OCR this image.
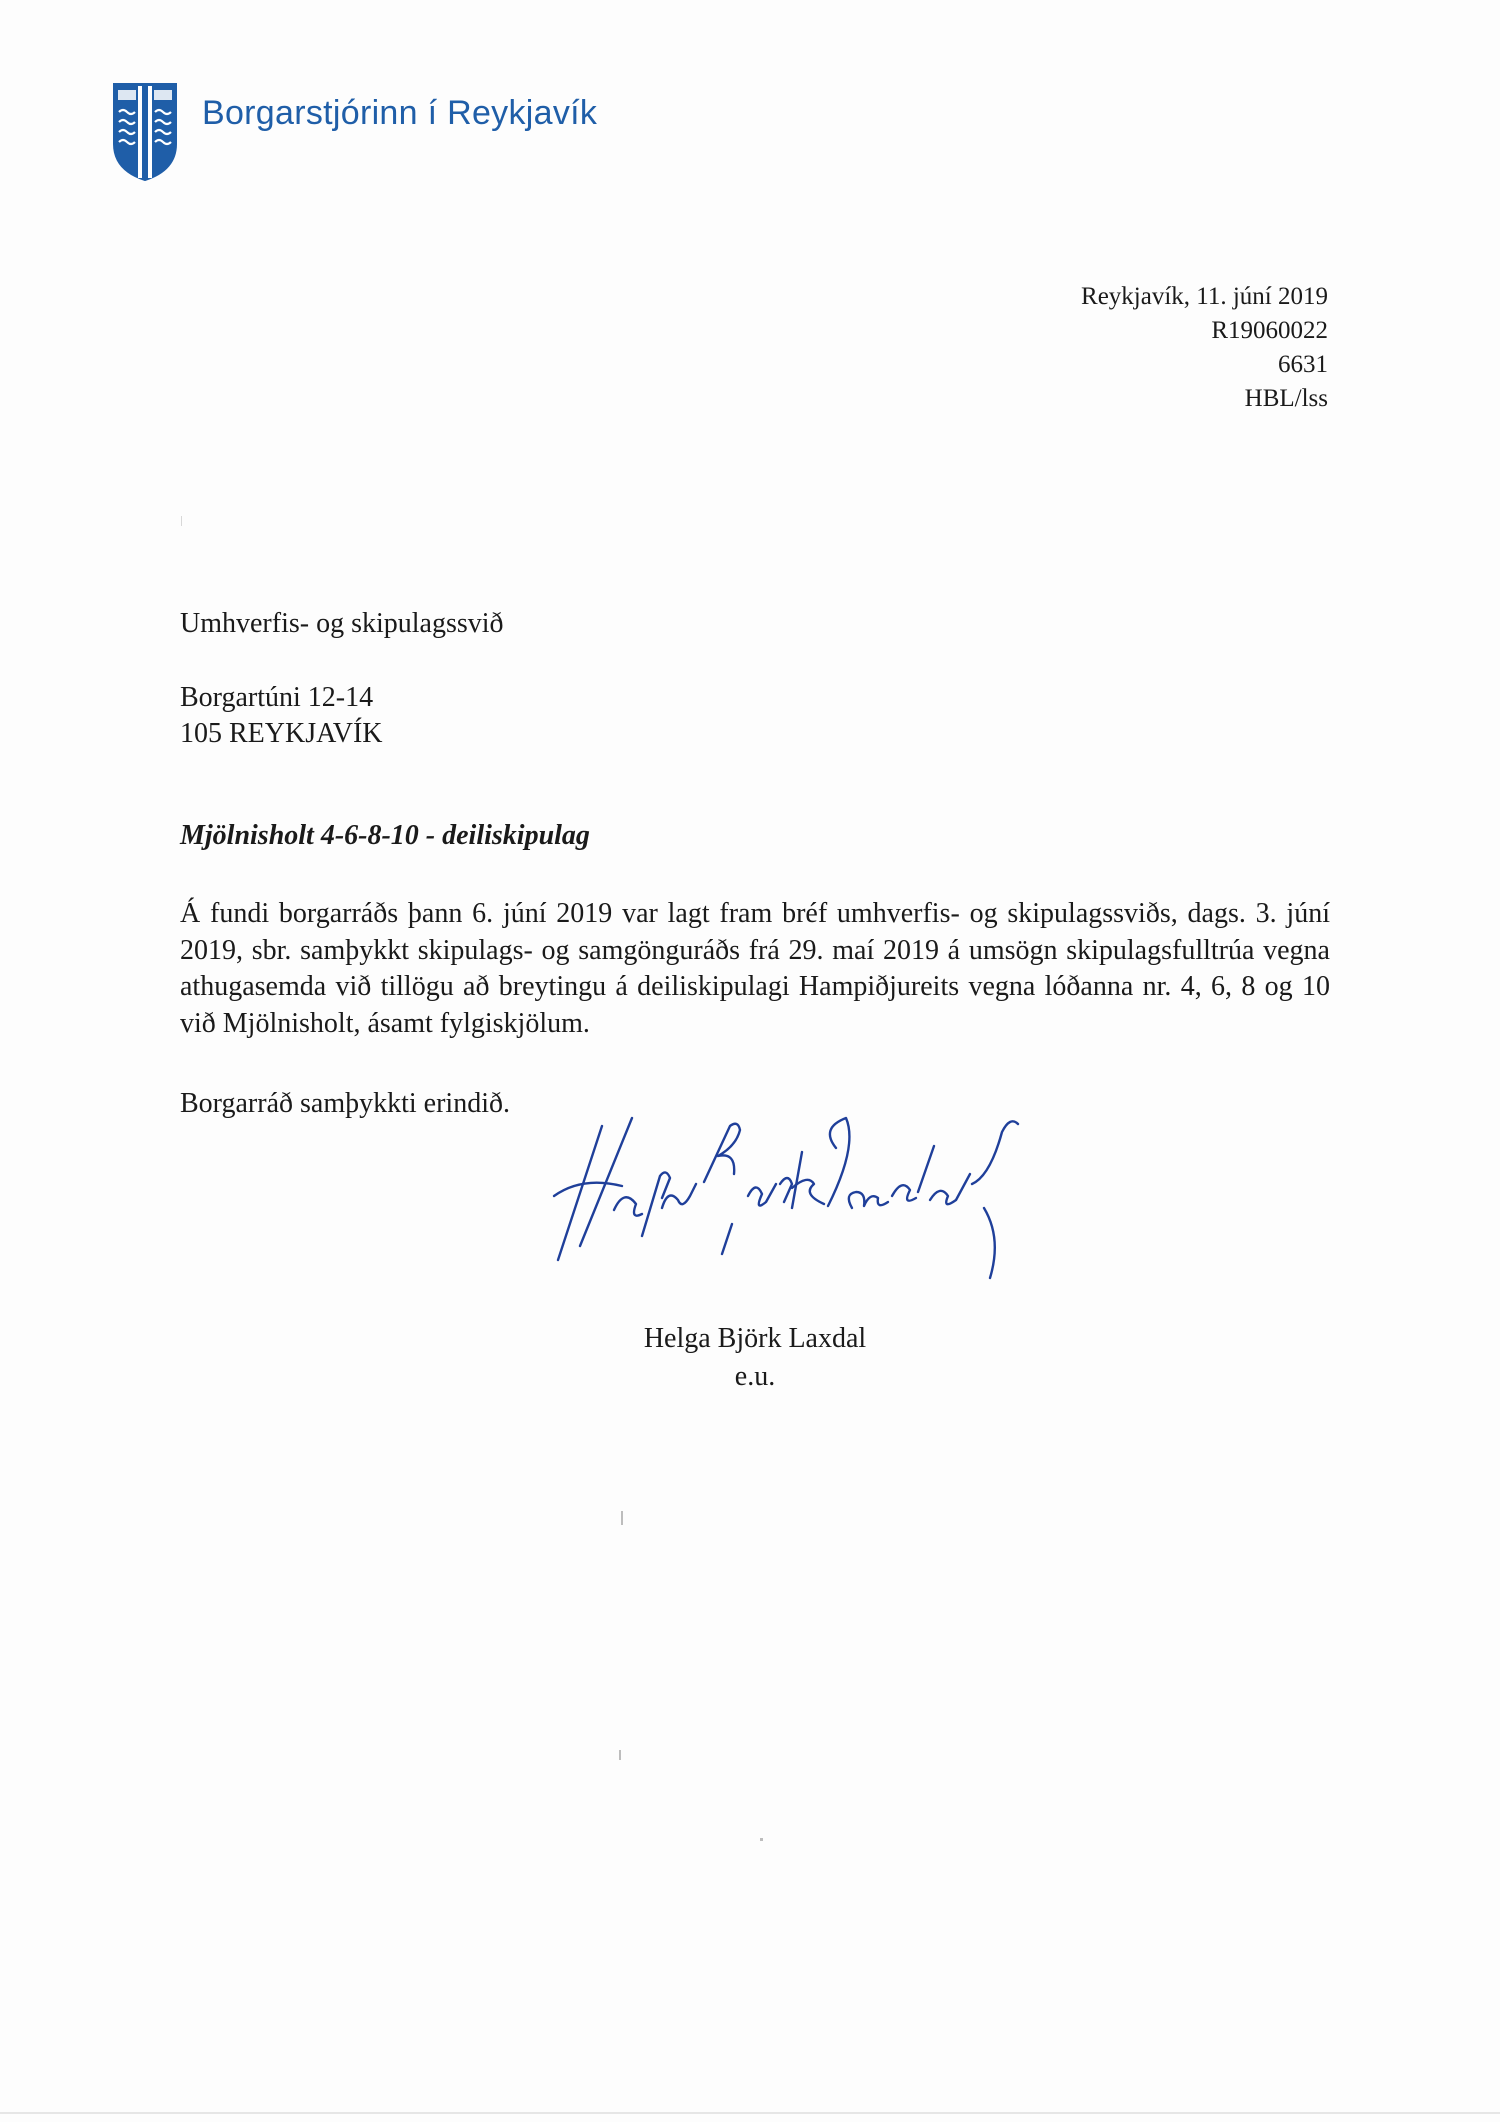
Borgarstjórinn í Reykjavík
Reykjavík, 11. júní 2019
R19060022
6631
HBL/lss
Umhverfis- og skipulagssvið
Borgartúni 12-14
105 REYKJAVÍK
Mjölnisholt 4-6-8-10 - deiliskipulag
Á fundi borgarráðs þann 6. júní 2019 var lagt fram bréf umhverfis- og skipulagssviðs, dags. 3. júní 2019, sbr. samþykkt skipulags- og samgönguráðs frá 29. maí 2019 á umsögn skipulagsfulltrúa vegna athugasemda við tillögu að breytingu á deiliskipulagi Hampiðjureits vegna lóðanna nr. 4, 6, 8 og 10 við Mjölnisholt, ásamt fylgiskjölum.
Borgarráð samþykkti erindið.
Helga Björk Laxdal
e.u.
